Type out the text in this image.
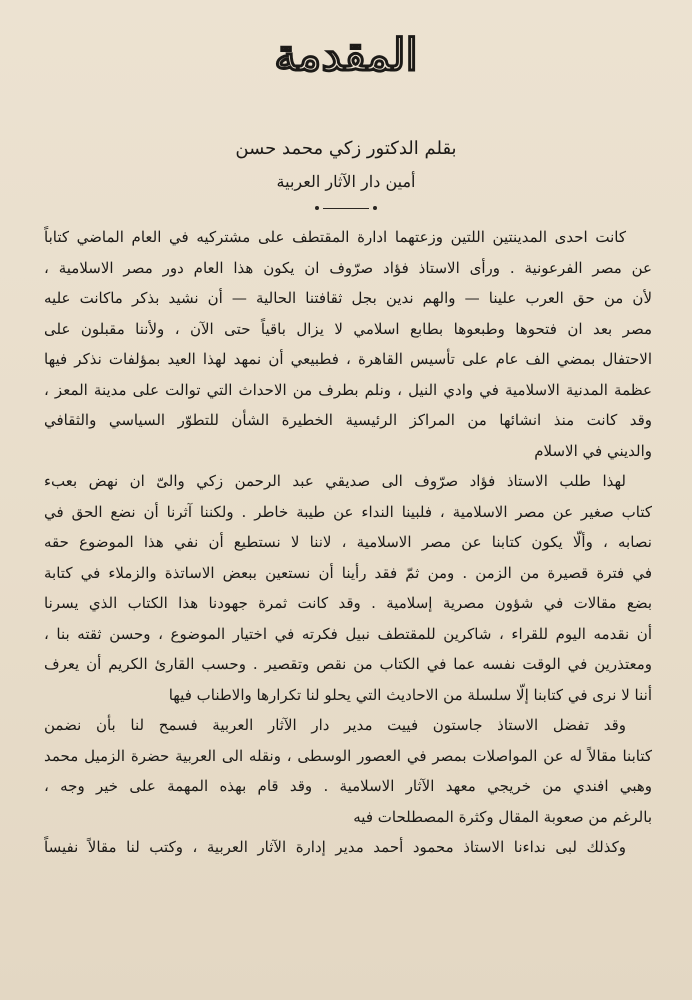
المقدمة
بقلم الدكتور زكي محمد حسن
أمين دار الآثار العربية
كانت احدى المدينتين اللتين وزعتهما ادارة المقتطف على مشتركيه في العام الماضي كتاباً
عن مصر الفرعونية . ورأى الاستاذ فؤاد صرّوف ان يكون هذا العام دور مصر الاسلامية ،
لأن من حق العرب علينا — والهم ندين بجل ثقافتنا الحالية — أن نشيد بذكر ماكانت عليه
مصر بعد ان فتحوها وطبعوها بطابع اسلامي لا يزال باقياً حتى الآن ، ولأننا مقبلون على
الاحتفال بمضي الف عام على تأسيس القاهرة ، فطبيعي أن نمهد لهذا العيد بمؤلفات نذكر فيها
عظمة المدنية الاسلامية في وادي النيل ، ونلم بطرف من الاحداث التي توالت على مدينة المعز ،
وقد كانت منذ انشائها من المراكز الرئيسية الخطيرة الشأن للتطوّر السياسي والثقافي
والديني في الاسلام
لهذا طلب الاستاذ فؤاد صرّوف الى صديقي عبد الرحمن زكي والىّ ان نهض بعبء
كتاب صغير عن مصر الاسلامية ، فلبينا النداء عن طيبة خاطر . ولكننا آثرنا أن نضع الحق في
نصابه ، وألّا يكون كتابنا عن مصر الاسلامية ، لاننا لا نستطيع أن نفي هذا الموضوع حقه
في فترة قصيرة من الزمن . ومن ثمّ فقد رأينا أن نستعين ببعض الاساتذة والزملاء في كتابة
بضع مقالات في شؤون مصرية إسلامية . وقد كانت ثمرة جهودنا هذا الكتاب الذي يسرنا
أن نقدمه اليوم للقراء ، شاكرين للمقتطف نبيل فكرته في اختيار الموضوع ، وحسن ثقته بنا ،
ومعتذرين في الوقت نفسه عما في الكتاب من نقص وتقصير . وحسب القارئ الكريم أن يعرف
أننا لا نرى في كتابنا إلّا سلسلة من الاحاديث التي يحلو لنا تكرارها والاطناب فيها
وقد تفضل الاستاذ جاستون فييت مدير دار الآثار العربية فسمح لنا بأن نضمن
كتابنا مقالاً له عن المواصلات بمصر في العصور الوسطى ، ونقله الى العربية حضرة الزميل محمد
وهبي افندي من خريجي معهد الآثار الاسلامية . وقد قام بهذه المهمة على خير وجه ،
بالرغم من صعوبة المقال وكثرة المصطلحات فيه
وكذلك لبى نداءنا الاستاذ محمود أحمد مدير إدارة الآثار العربية ، وكتب لنا مقالاً نفيساً
